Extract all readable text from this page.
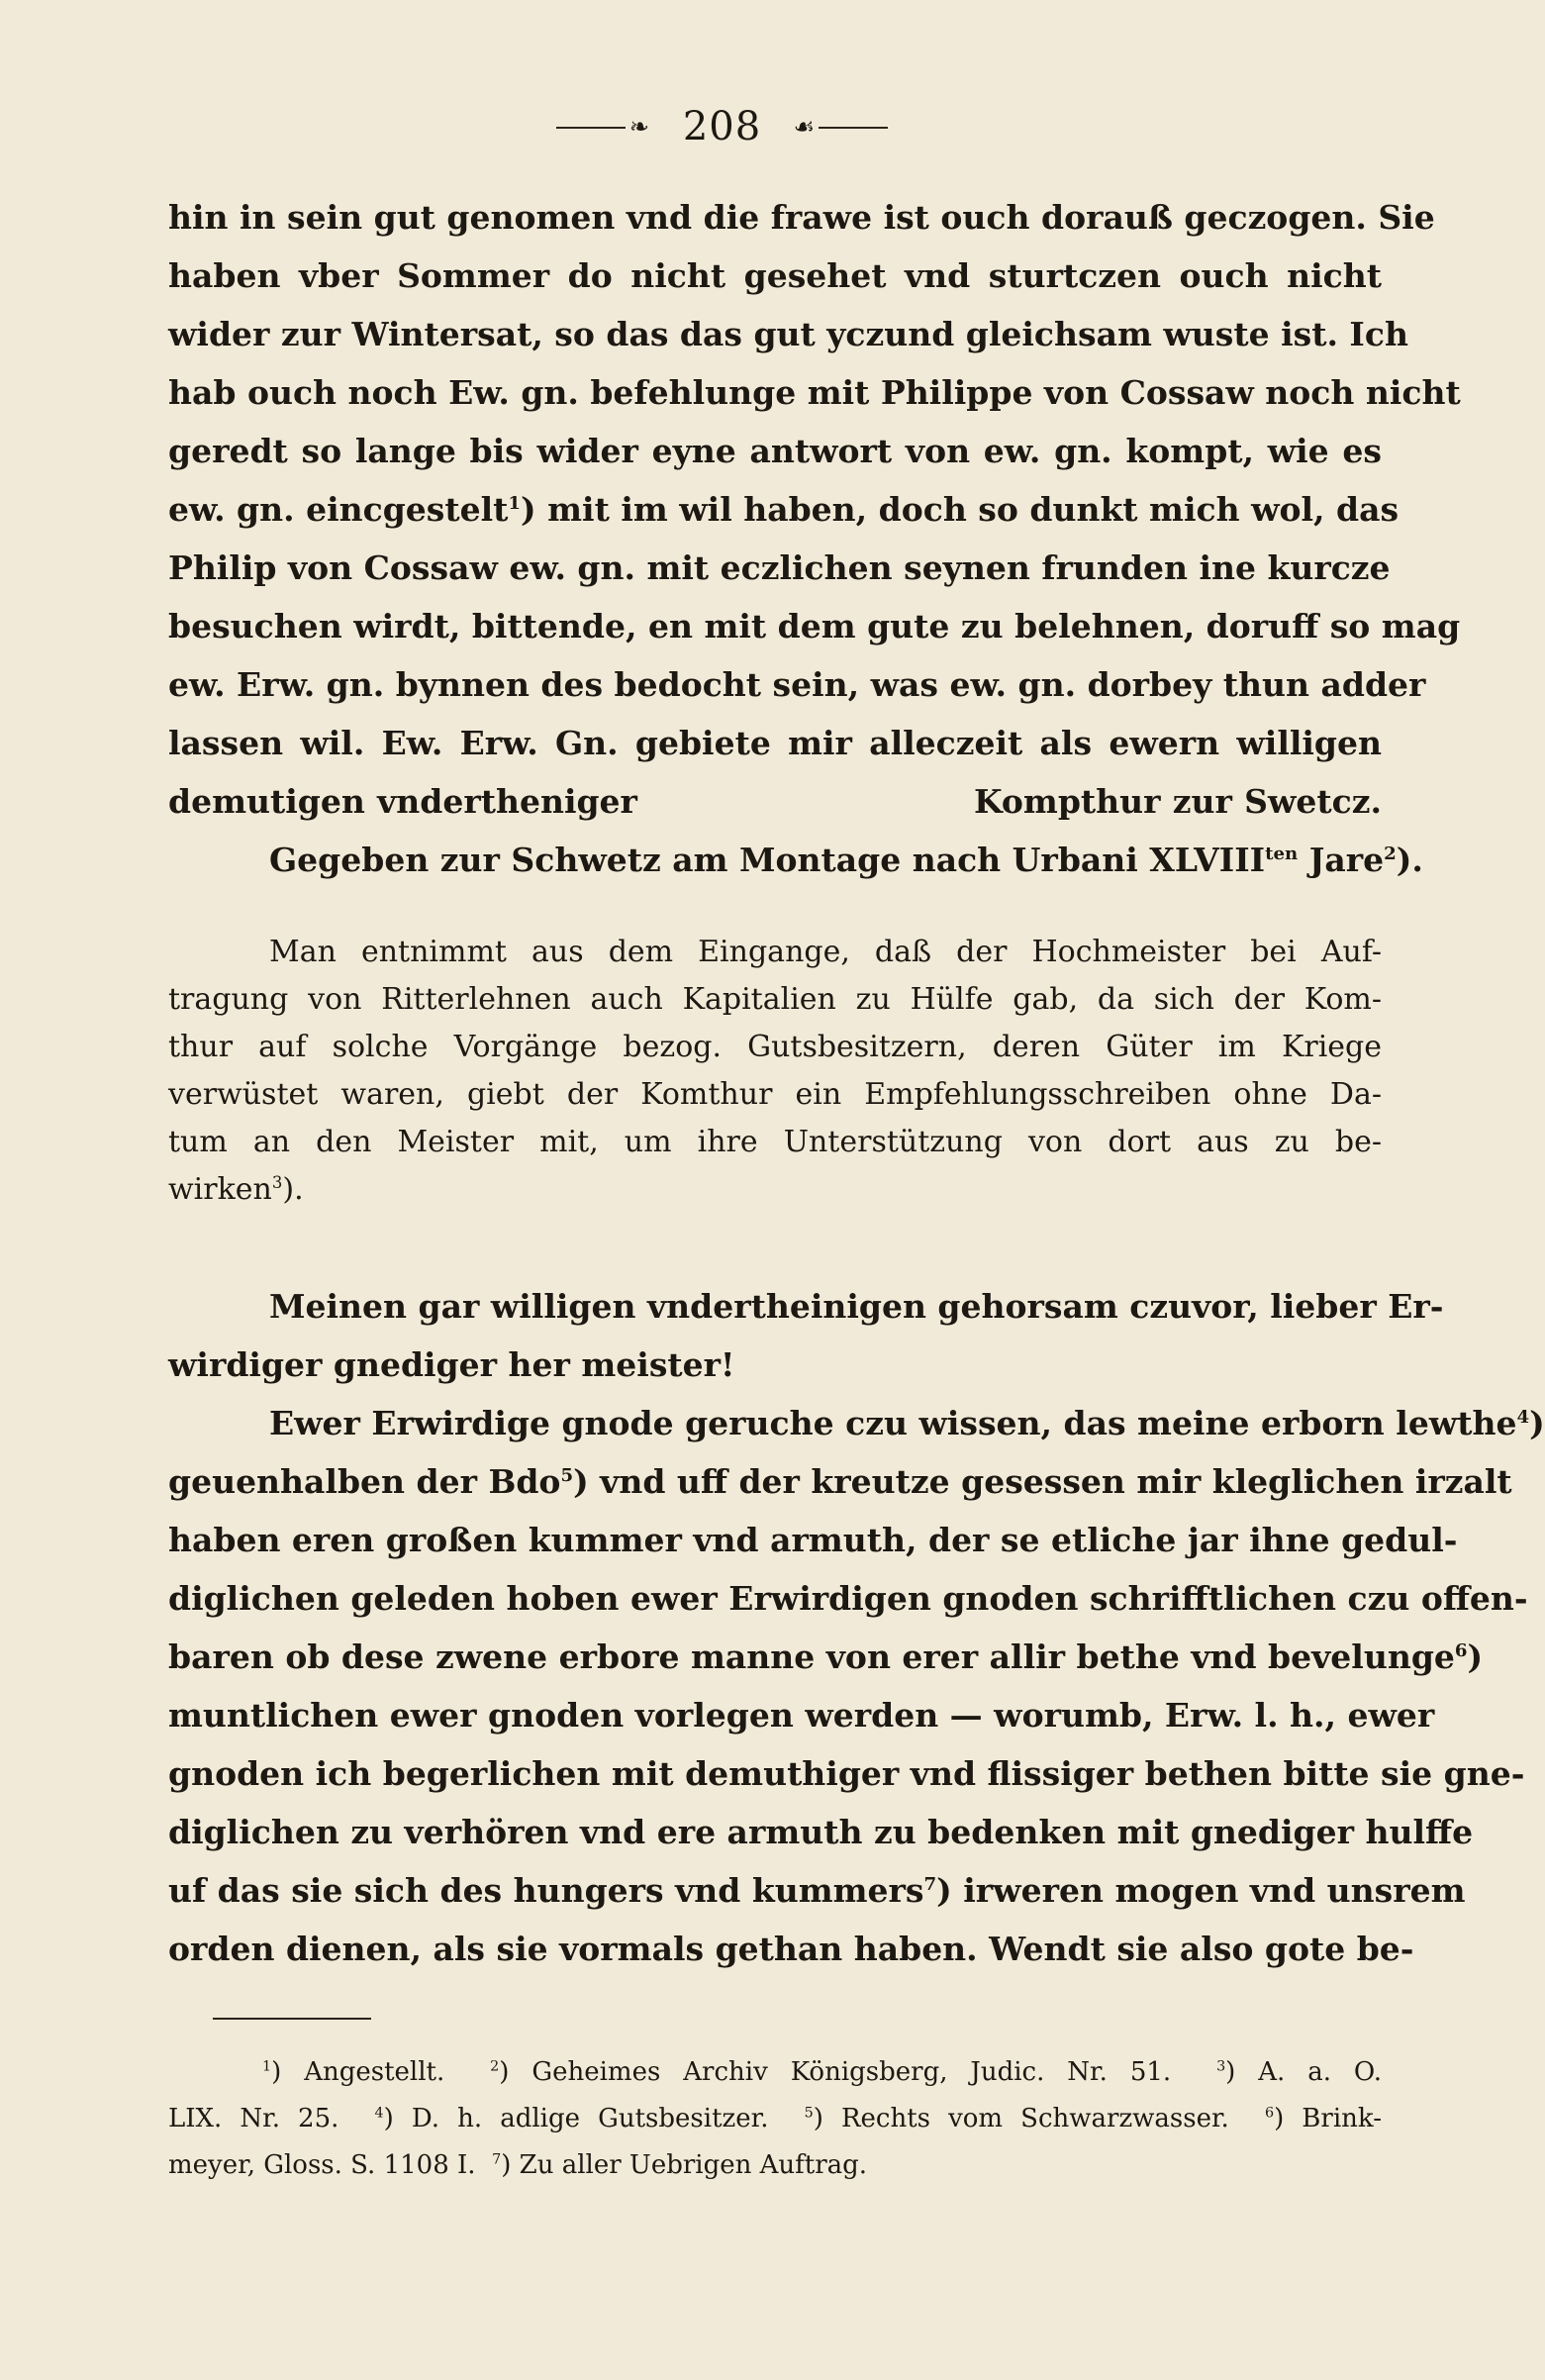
❧ 208 ☙
hin in sein gut genomen vnd die frawe ist ouch dorauß geczogen. Sie
haben vber Sommer do nicht gesehet vnd sturtczen ouch nicht
wider zur Wintersat, so das das gut yczund gleichsam wuste ist. Ich
hab ouch noch Ew. gn. befehlunge mit Philippe von Cossaw noch nicht
geredt so lange bis wider eyne antwort von ew. gn. kompt, wie es
ew. gn. eincgestelt$^1$) mit im wil haben, doch so dunkt mich wol, das
Philip von Cossaw ew. gn. mit eczlichen seynen frunden ine kurcze
besuchen wirdt, bittende, en mit dem gute zu belehnen, doruff so mag
ew. Erw. gn. bynnen des bedocht sein, was ew. gn. dorbey thun adder
lassen wil. Ew. Erw. Gn. gebiete mir alleczeit als ewern willigen
demutigen vndertheniger	Kompthur zur Swetcz.
Gegeben zur Schwetz am Montage nach Urbani $XLVIII^{ten}$ Jare$^2$).
Man entnimmt aus dem Eingange, daß der Hochmeister bei Auf-
tragung von Ritterlehnen auch Kapitalien zu Hülfe gab, da sich der Kom-
thur auf solche Vorgänge bezog. Gutsbesitzern, deren Güter im Kriege
verwüstet waren, giebt der Komthur ein Empfehlungsschreiben ohne Da-
tum an den Meister mit, um ihre Unterstützung von dort aus zu be-
wirken$^3$).
Meinen gar willigen vndertheinigen gehorsam czuvor, lieber Er-
wirdiger gnediger her meister!
Ewer Erwirdige gnode geruche czu wissen, das meine erborn lewthe$^4$)
geuenhalben der Bdo$^5$) vnd uff der kreutze gesessen mir kleglichen irzalt
haben eren großen kummer vnd armuth, der se etliche jar ihne gedul-
diglichen geleden hoben ewer Erwirdigen gnoden schrifftlichen czu offen-
baren ob dese zwene erbore manne von erer allir bethe vnd bevelunge$^6$)
muntlichen ewer gnoden vorlegen werden — worumb, Erw. l. h., ewer
gnoden ich begerlichen mit demuthiger vnd flissiger bethen bitte sie gne-
diglichen zu verhören vnd ere armuth zu bedenken mit gnediger hulffe
uf das sie sich des hungers vnd kummers$^7$) irweren mogen vnd unsrem
orden dienen, als sie vormals gethan haben. Wendt sie also gote be-
$^1$) Angestellt.	$^2$) Geheimes Archiv Königsberg, Judic. Nr. 51.	$^3$) A. a. O.
LIX. Nr. 25.	$^4$) D. h. adlige Gutsbesitzer.	$^5$) Rechts vom Schwarzwasser.	$^6$) Brink-
meyer, Gloss. S. 1108 I. $^7$) Zu aller Uebrigen Auftrag.
